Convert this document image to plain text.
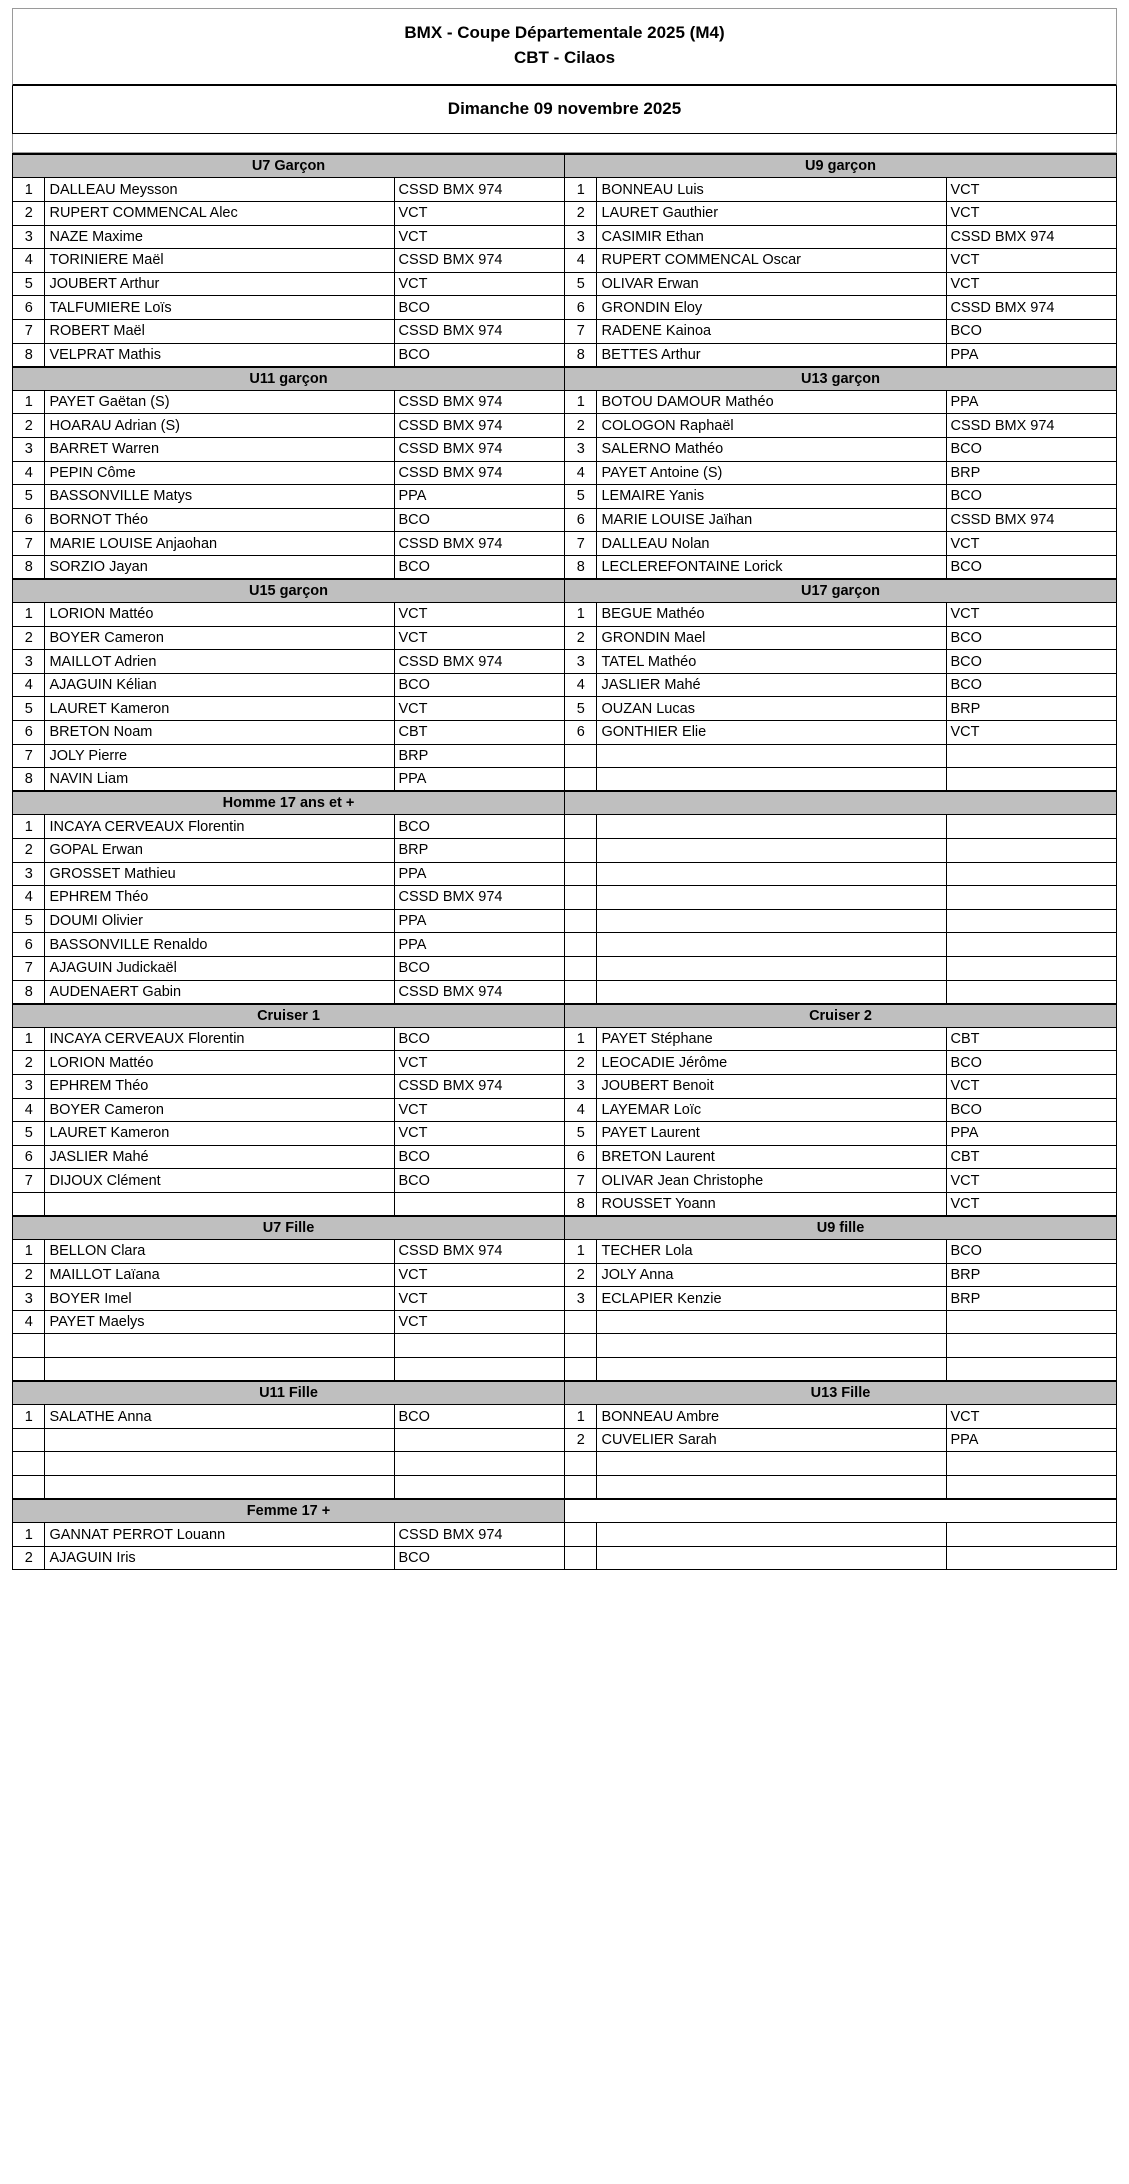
BMX - Coupe Départementale 2025 (M4)
CBT - Cilaos
Dimanche 09 novembre 2025
U7 Garçon			U9 garçon		
1	DALLEAU Meysson	CSSD BMX 974	1	BONNEAU Luis	VCT
2	RUPERT COMMENCAL Alec	VCT	2	LAURET Gauthier	VCT
3	NAZE Maxime	VCT	3	CASIMIR Ethan	CSSD BMX 974
4	TORINIERE Maël	CSSD BMX 974	4	RUPERT COMMENCAL Oscar	VCT
5	JOUBERT Arthur	VCT	5	OLIVAR Erwan	VCT
6	TALFUMIERE Loïs	BCO	6	GRONDIN Eloy	CSSD BMX 974
7	ROBERT Maël	CSSD BMX 974	7	RADENE Kainoa	BCO
8	VELPRAT Mathis	BCO	8	BETTES Arthur	PPA
U11 garçon			U13 garçon		
1	PAYET Gaëtan (S)	CSSD BMX 974	1	BOTOU DAMOUR Mathéo	PPA
2	HOARAU Adrian (S)	CSSD BMX 974	2	COLOGON Raphaël	CSSD BMX 974
3	BARRET Warren	CSSD BMX 974	3	SALERNO Mathéo	BCO
4	PEPIN Côme	CSSD BMX 974	4	PAYET Antoine (S)	BRP
5	BASSONVILLE Matys	PPA	5	LEMAIRE Yanis	BCO
6	BORNOT Théo	BCO	6	MARIE LOUISE Jaïhan	CSSD BMX 974
7	MARIE LOUISE Anjaohan	CSSD BMX 974	7	DALLEAU Nolan	VCT
8	SORZIO Jayan	BCO	8	LECLEREFONTAINE Lorick	BCO
U15 garçon			U17 garçon		
1	LORION Mattéo	VCT	1	BEGUE Mathéo	VCT
2	BOYER Cameron	VCT	2	GRONDIN Mael	BCO
3	MAILLOT Adrien	CSSD BMX 974	3	TATEL Mathéo	BCO
4	AJAGUIN Kélian	BCO	4	JASLIER Mahé	BCO
5	LAURET Kameron	VCT	5	OUZAN Lucas	BRP
6	BRETON Noam	CBT	6	GONTHIER Elie	VCT
7	JOLY Pierre	BRP			
8	NAVIN Liam	PPA			
Homme 17 ans et +					
1	INCAYA CERVEAUX Florentin	BCO			
2	GOPAL Erwan	BRP			
3	GROSSET Mathieu	PPA			
4	EPHREM Théo	CSSD BMX 974			
5	DOUMI Olivier	PPA			
6	BASSONVILLE Renaldo	PPA			
7	AJAGUIN Judickaël	BCO			
8	AUDENAERT Gabin	CSSD BMX 974			
Cruiser 1			Cruiser 2		
1	INCAYA CERVEAUX Florentin	BCO	1	PAYET Stéphane	CBT
2	LORION Mattéo	VCT	2	LEOCADIE Jérôme	BCO
3	EPHREM Théo	CSSD BMX 974	3	JOUBERT Benoit	VCT
4	BOYER Cameron	VCT	4	LAYEMAR Loïc	BCO
5	LAURET Kameron	VCT	5	PAYET Laurent	PPA
6	JASLIER Mahé	BCO	6	BRETON Laurent	CBT
7	DIJOUX Clément	BCO	7	OLIVAR Jean Christophe	VCT
			8	ROUSSET Yoann	VCT
U7 Fille			U9 fille		
1	BELLON Clara	CSSD BMX 974	1	TECHER Lola	BCO
2	MAILLOT Laïana	VCT	2	JOLY Anna	BRP
3	BOYER Imel	VCT	3	ECLAPIER Kenzie	BRP
4	PAYET Maelys	VCT			

U11 Fille			U13 Fille		
1	SALATHE Anna	BCO	1	BONNEAU Ambre	VCT
			2	CUVELIER Sarah	PPA

Femme 17 +					
1	GANNAT PERROT Louann	CSSD BMX 974			
2	AJAGUIN Iris	BCO			
